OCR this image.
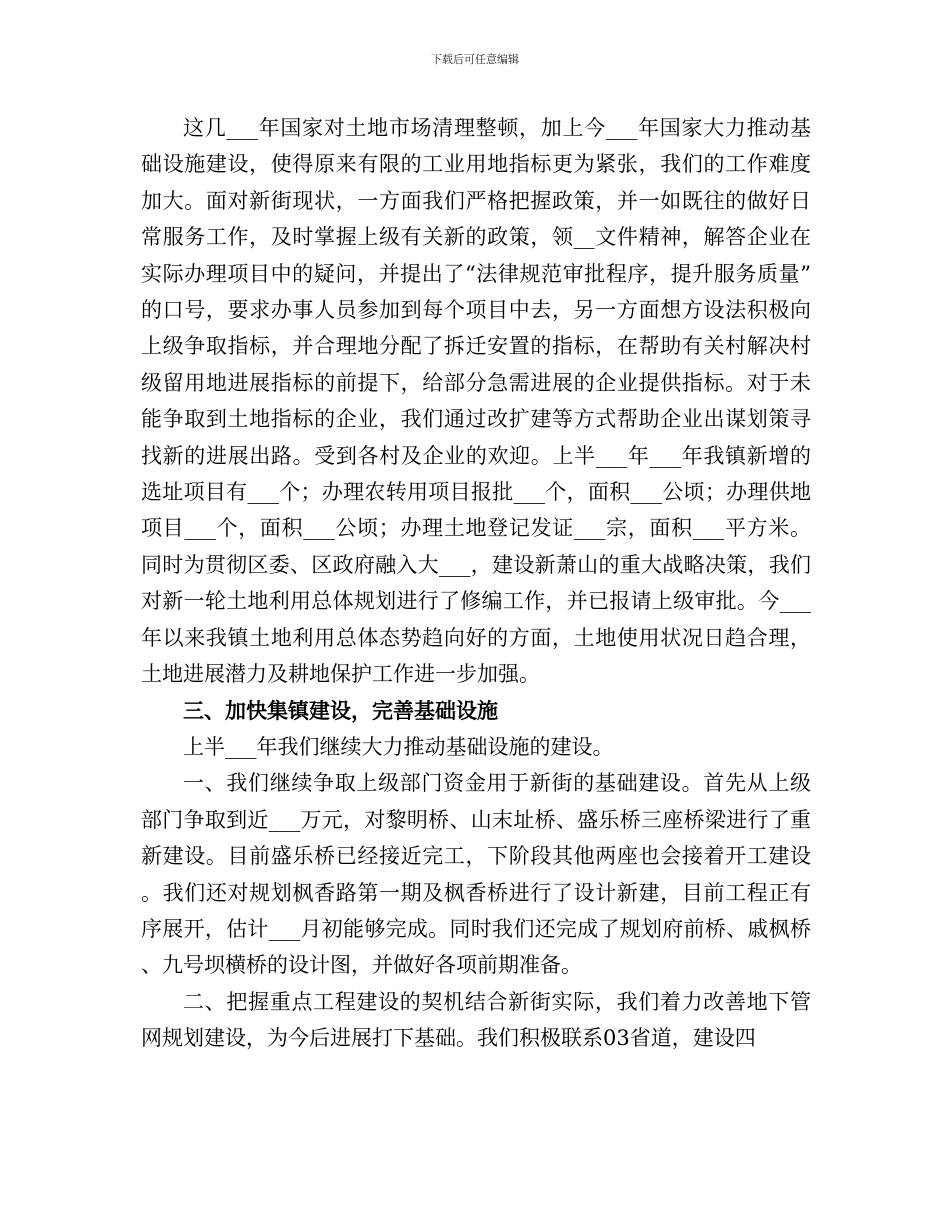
下载后可任意编辑

这几___年国家对土地市场清理整顿，加上今___年国家大力推动基础设施建设，使得原来有限的工业用地指标更为紧张，我们的工作难度加大。面对新街现状，一方面我们严格把握政策，并一如既往的做好日常服务工作，及时掌握上级有关新的政策，领__文件精神，解答企业在实际办理项目中的疑问，并提出了“法律规范审批程序，提升服务质量”的口号，要求办事人员参加到每个项目中去，另一方面想方设法积极向上级争取指标，并合理地分配了拆迁安置的指标，在帮助有关村解决村级留用地进展指标的前提下，给部分急需进展的企业提供指标。对于未能争取到土地指标的企业，我们通过改扩建等方式帮助企业出谋划策寻找新的进展出路。受到各村及企业的欢迎。上半___年___年我镇新增的选址项目有___个；办理农转用项目报批___个，面积___公顷；办理供地项目___个，面积___公顷；办理土地登记发证___宗，面积___平方米。同时为贯彻区委、区政府融入大___，建设新萧山的重大战略决策，我们对新一轮土地利用总体规划进行了修编工作，并已报请上级审批。今___年以来我镇土地利用总体态势趋向好的方面，土地使用状况日趋合理，土地进展潜力及耕地保护工作进一步加强。

三、加快集镇建设，完善基础设施

上半___年我们继续大力推动基础设施的建设。

一、我们继续争取上级部门资金用于新街的基础建设。首先从上级部门争取到近___万元，对黎明桥、山末址桥、盛乐桥三座桥梁进行了重新建设。目前盛乐桥已经接近完工，下阶段其他两座也会接着开工建设。我们还对规划枫香路第一期及枫香桥进行了设计新建，目前工程正有序展开，估计___月初能够完成。同时我们还完成了规划府前桥、戚枫桥、九号坝横桥的设计图，并做好各项前期准备。

二、把握重点工程建设的契机结合新街实际，我们着力改善地下管网规划建设，为今后进展打下基础。我们积极联系03省道，建设四
